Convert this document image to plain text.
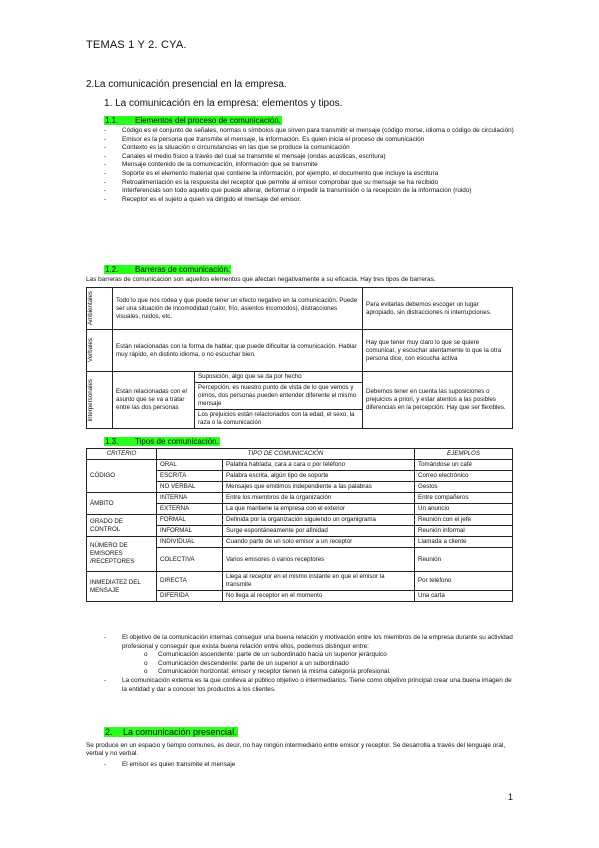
TEMAS 1 Y 2. CYA.
2.La comunicación presencial en la empresa.
1. La comunicación en la empresa: elementos y tipos.
1.1. Elementos del proceso de comunicación.
- Código es el conjunto de señales, normas o símbolos que sirven para transmitir el mensaje (código morse, idioma o código de circulación)
- Emisor es la persona que transmite el mensaje, la información. Es quien inicia el proceso de comunicación
- Contexto es la situación o circunstancias en las que se produce la comunicación
- Canales el medio físico a través del cual se transmite el mensaje (ondas acústicas, escritura)
- Mensaje contenido de la comunicación, información que se transmite
- Soporte es el elemento material que contiene la información, por ejemplo, el documento que incluye la escritura
- Retroalimentación es la respuesta del receptor que permite al emisor comprobar que su mensaje se ha recibido
- Interferencias son todo aquello que puede alterar, deformar o impedir la transmisión o la recepción de la información (ruido)
- Receptor es el sujeto a quien va dirigido el mensaje del emisor.
1.2. Barreras de comunicación.
Las barreras de comunicación son aquellos elementos que afectan negativamente a su eficacia. Hay tres tipos de barreras.
Ambientales	Todo lo que nos rodea y que puede tener un efecto negativo en la comunicación. Puede ser una situación de incomodidad (calor, frío, asientos incomodos), distracciones visuales, ruidos, etc.		Para evitarlas debemos escoger un lugar apropiado, sin distracciones ni interrupciones.

Verbales	Están relacionadas con la forma de hablar, que puede dificultar la comunicación. Hablar muy rápido, en distinto idioma, o no escuchar bien.		Hay que tener muy claro lo que se quiere comunicar, y escuchar atentamente lo que la otra persona dice, con escucha activa

Interpersonales	Están relacionadas con el asunto que se va a tratar entre las dos personas	Suposición, algo que se da por hecho	Debemos tener en cuenta las suposiciones o prejuicios a priori, y estar atentos a las posibles diferencias en la percepción. Hay que ser flexibles.
		Percepción, es nuestro punto de vista de lo que vemos y oímos, dos personas pueden entender diferente el mismo mensaje	
		Los prejuicios están relacionados con la edad, el sexo, la raza o la comunicación	
1.3. Tipos de comunicación.
CRITERIO	TIPO DE COMUNICACIÓN		EJEMPLOS
CÓDIGO	ORAL	Palabra hablada, cara a cara o por teléfono	Tomándose un café
	ESCRITA	Palabra escrita, algún tipo de soporte	Correo electrónico
	NO VERBAL	Mensajes que emitimos independiente a las palabras	Gestos
ÁMBITO	INTERNA	Entre los miembros de la organización	Entre compañeros
	EXTERNA	La que mantiene la empresa con el exterior	Un anuncio
GRADO DE CONTROL	FORMAL	Definida por la organización siguiendo un organigrama	Reunión con el jefe
	INFORMAL	Surge espontáneamente por afinidad	Reunión informal
NÚMERO DE EMISORES /RECEPTORES	INDIVIDUAL	Cuando parte de un solo emisor a un receptor	Llamada a cliente
	COLECTIVA	Varios emisores o varios receptores	Reunión
INMEDIATEZ DEL MENSAJE	DIRECTA	Llega al receptor en el mismo instante en que el emisor la transmite	Por teléfono
	DIFERIDA	No llega al receptor en el momento	Una carta
- El objetivo de la comunicación internas conseguir una buena relación y motivación entre los miembros de la empresa durante su actividad profesional y conseguir que exista buena relación entre ellos, podemos distinguir entre:
o Comunicación ascendente: parte de un subordinado hacia un superior jerárquico
o Comunicación descendente: parte de un superior a un subordinado
o Comunicación horizontal: emisor y receptor tienen la misma categoría profesional.
- La comunicación externa es la que conlleva al público objetivo o intermediarios. Tiene como objetivo principal crear una buena imagen de la entidad y dar a conocer los productos a los clientes.
2. La comunicación presencial.
Se produce en un espacio y tiempo comunes, es decir, no hay ningún intermediario entre emisor y receptor. Se desarrolla a través del lenguaje oral, verbal y no verbal.
- El emisor es quien transmite el mensaje
1
